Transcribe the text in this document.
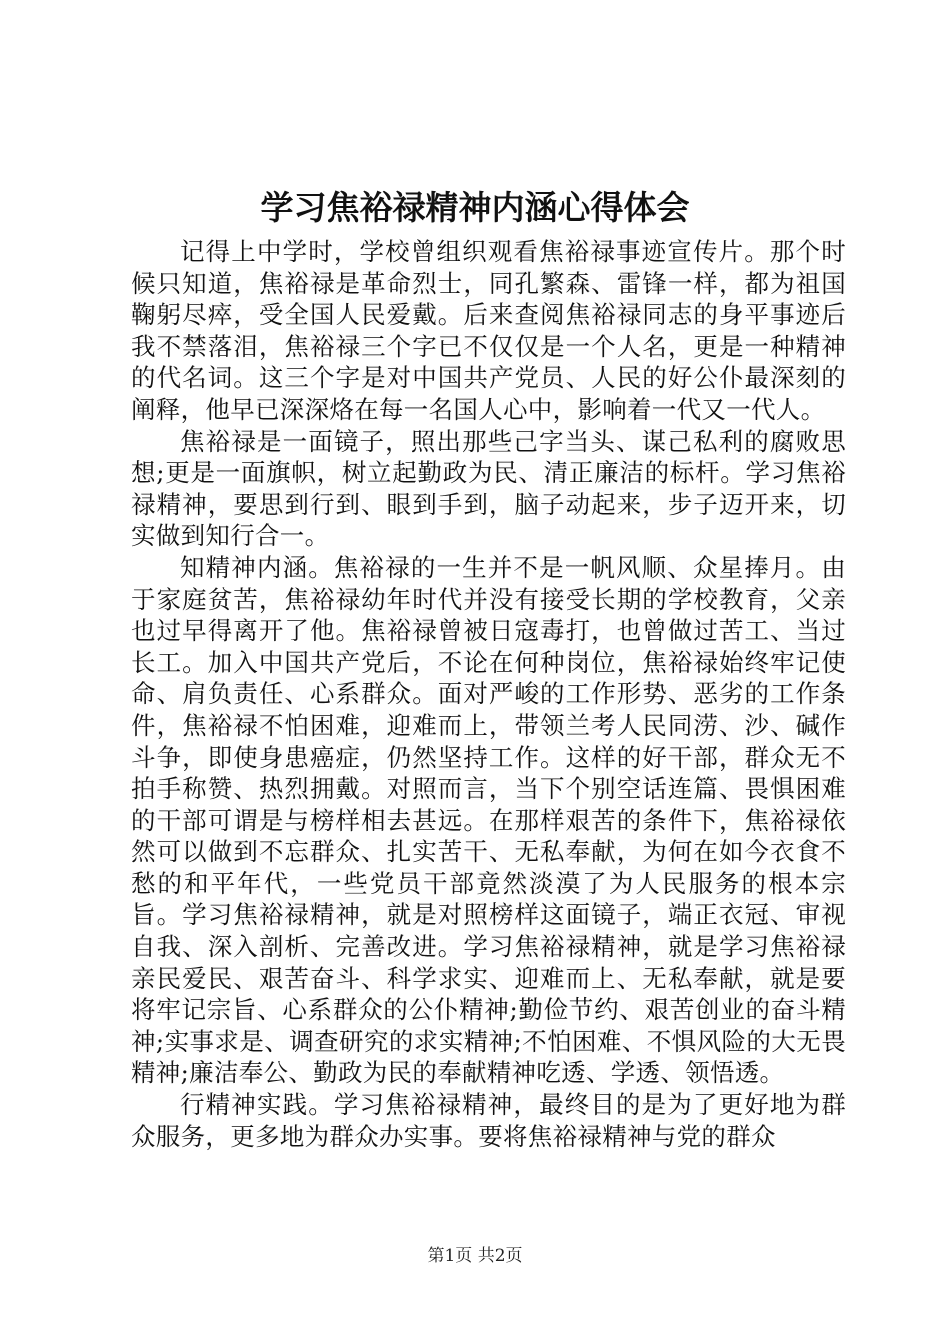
学习焦裕禄精神内涵心得体会

记得上中学时，学校曾组织观看焦裕禄事迹宣传片。那个时候只知道，焦裕禄是革命烈士，同孔繁森、雷锋一样，都为祖国鞠躬尽瘁，受全国人民爱戴。后来查阅焦裕禄同志的身平事迹后我不禁落泪，焦裕禄三个字已不仅仅是一个人名，更是一种精神的代名词。这三个字是对中国共产党员、人民的好公仆最深刻的阐释，他早已深深烙在每一名国人心中，影响着一代又一代人。

焦裕禄是一面镜子，照出那些己字当头、谋己私利的腐败思想;更是一面旗帜，树立起勤政为民、清正廉洁的标杆。学习焦裕禄精神，要思到行到、眼到手到，脑子动起来，步子迈开来，切实做到知行合一。

知精神内涵。焦裕禄的一生并不是一帆风顺、众星捧月。由于家庭贫苦，焦裕禄幼年时代并没有接受长期的学校教育，父亲也过早得离开了他。焦裕禄曾被日寇毒打，也曾做过苦工、当过长工。加入中国共产党后，不论在何种岗位，焦裕禄始终牢记使命、肩负责任、心系群众。面对严峻的工作形势、恶劣的工作条件，焦裕禄不怕困难，迎难而上，带领兰考人民同涝、沙、碱作斗争，即使身患癌症，仍然坚持工作。这样的好干部，群众无不拍手称赞、热烈拥戴。对照而言，当下个别空话连篇、畏惧困难的干部可谓是与榜样相去甚远。在那样艰苦的条件下，焦裕禄依然可以做到不忘群众、扎实苦干、无私奉献，为何在如今衣食不愁的和平年代，一些党员干部竟然淡漠了为人民服务的根本宗旨。学习焦裕禄精神，就是对照榜样这面镜子，端正衣冠、审视自我、深入剖析、完善改进。学习焦裕禄精神，就是学习焦裕禄亲民爱民、艰苦奋斗、科学求实、迎难而上、无私奉献，就是要将牢记宗旨、心系群众的公仆精神;勤俭节约、艰苦创业的奋斗精神;实事求是、调查研究的求实精神;不怕困难、不惧风险的大无畏精神;廉洁奉公、勤政为民的奉献精神吃透、学透、领悟透。

行精神实践。学习焦裕禄精神，最终目的是为了更好地为群众服务，更多地为群众办实事。要将焦裕禄精神与党的群众

第1页 共2页
